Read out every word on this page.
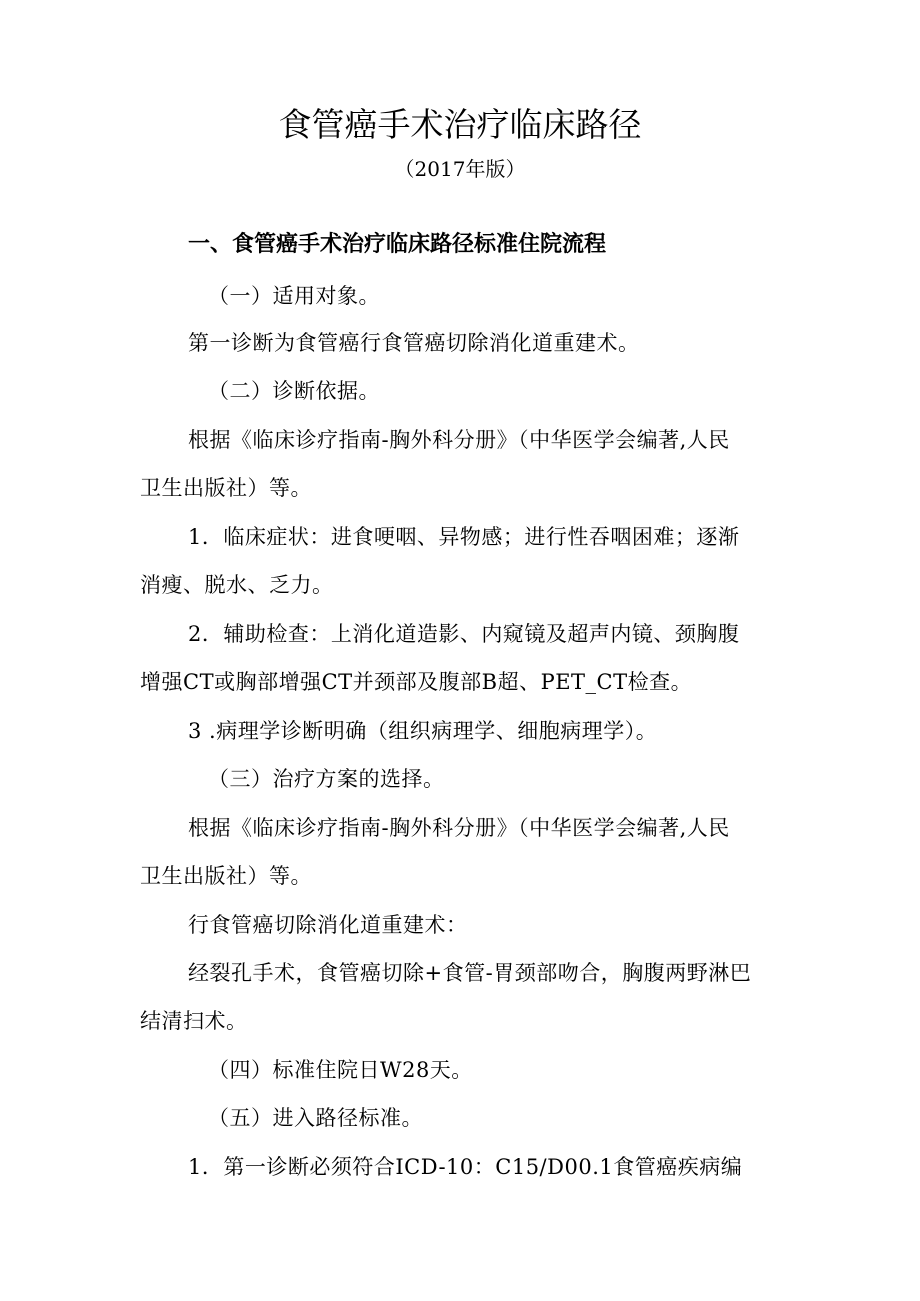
食管癌手术治疗临床路径

（2017年版）

一、食管癌手术治疗临床路径标准住院流程

（一）适用对象。

第一诊断为食管癌行食管癌切除消化道重建术。

（二）诊断依据。

根据《临床诊疗指南-胸外科分册》（中华医学会编著,人民

卫生出版社）等。

1．临床症状：进食哽咽、异物感；进行性吞咽困难；逐渐

消瘦、脱水、乏力。

2．辅助检查：上消化道造影、内窥镜及超声内镜、颈胸腹

增强CT或胸部增强CT并颈部及腹部B超、PET_CT检查。

3 .病理学诊断明确（组织病理学、细胞病理学）。

（三）治疗方案的选择。

根据《临床诊疗指南-胸外科分册》（中华医学会编著,人民

卫生出版社）等。

行食管癌切除消化道重建术：

经裂孔手术，食管癌切除+食管-胃颈部吻合，胸腹两野淋巴

结清扫术。

（四）标准住院日W28天。

（五）进入路径标准。

1．第一诊断必须符合ICD-10：C15/D00.1食管癌疾病编
